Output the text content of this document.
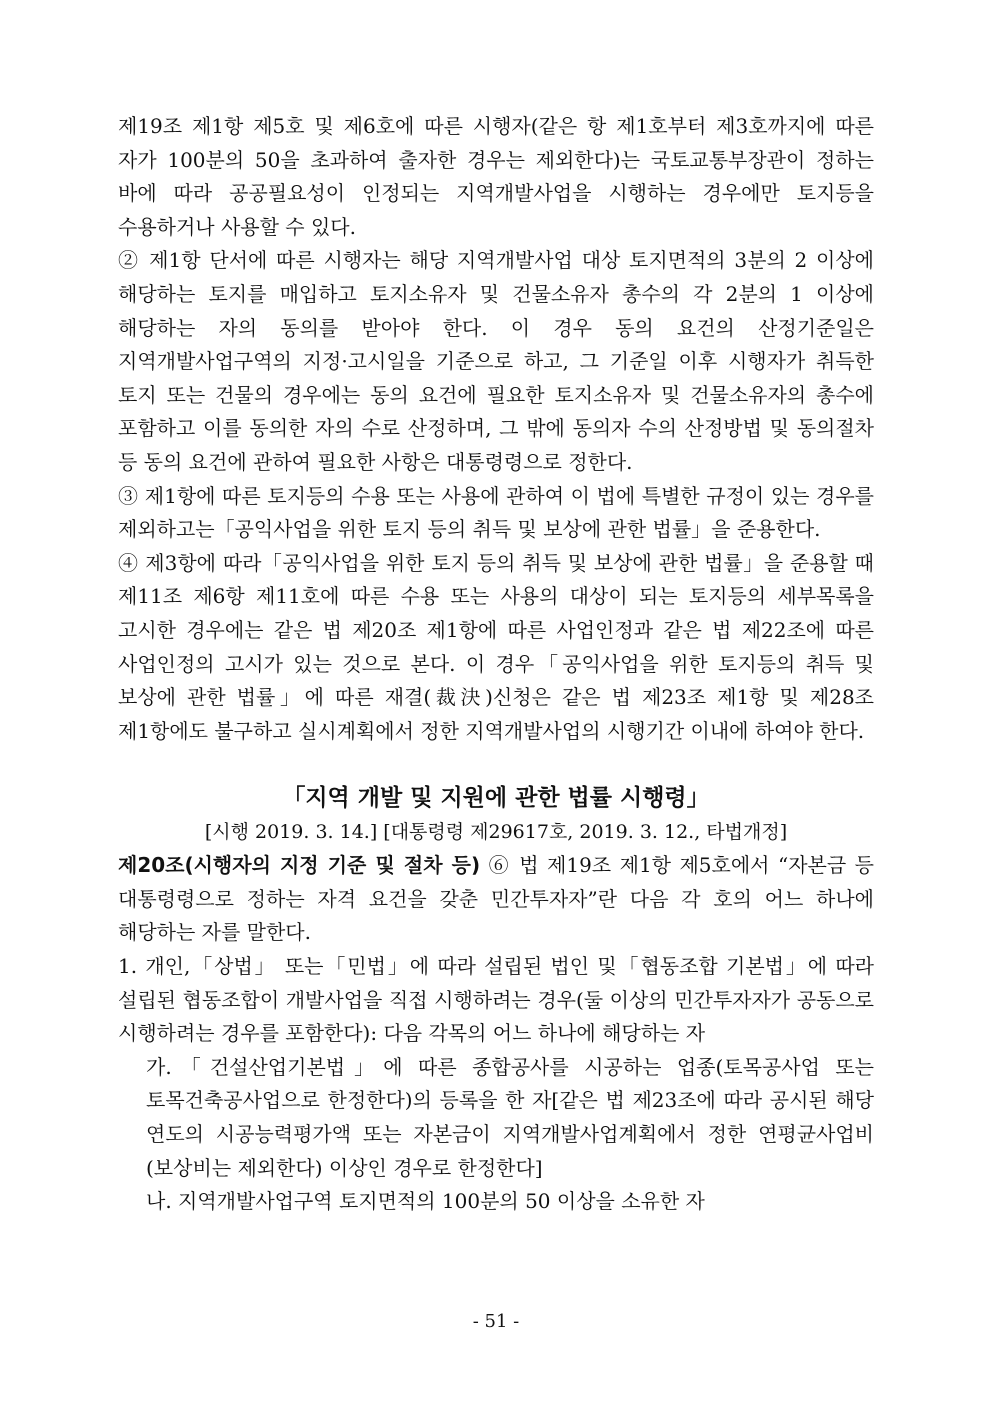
제19조 제1항 제5호 및 제6호에 따른 시행자(같은 항 제1호부터 제3호까지에 따른 자가 100분의 50을 초과하여 출자한 경우는 제외한다)는 국토교통부장관이 정하는 바에 따라 공공필요성이 인정되는 지역개발사업을 시행하는 경우에만 토지등을 수용하거나 사용할 수 있다.

② 제1항 단서에 따른 시행자는 해당 지역개발사업 대상 토지면적의 3분의 2 이상에 해당하는 토지를 매입하고 토지소유자 및 건물소유자 총수의 각 2분의 1 이상에 해당하는 자의 동의를 받아야 한다. 이 경우 동의 요건의 산정기준일은 지역개발사업구역의 지정·고시일을 기준으로 하고, 그 기준일 이후 시행자가 취득한 토지 또는 건물의 경우에는 동의 요건에 필요한 토지소유자 및 건물소유자의 총수에 포함하고 이를 동의한 자의 수로 산정하며, 그 밖에 동의자 수의 산정방법 및 동의절차 등 동의 요건에 관하여 필요한 사항은 대통령령으로 정한다.

③ 제1항에 따른 토지등의 수용 또는 사용에 관하여 이 법에 특별한 규정이 있는 경우를 제외하고는「공익사업을 위한 토지 등의 취득 및 보상에 관한 법률」을 준용한다.

④ 제3항에 따라「공익사업을 위한 토지 등의 취득 및 보상에 관한 법률」을 준용할 때 제11조 제6항 제11호에 따른 수용 또는 사용의 대상이 되는 토지등의 세부목록을 고시한 경우에는 같은 법 제20조 제1항에 따른 사업인정과 같은 법 제22조에 따른 사업인정의 고시가 있는 것으로 본다. 이 경우「공익사업을 위한 토지등의 취득 및 보상에 관한 법률」에 따른 재결(裁決)신청은 같은 법 제23조 제1항 및 제28조 제1항에도 불구하고 실시계획에서 정한 지역개발사업의 시행기간 이내에 하여야 한다.

「지역 개발 및 지원에 관한 법률 시행령」

[시행 2019. 3. 14.] [대통령령 제29617호, 2019. 3. 12., 타법개정]

제20조(시행자의 지정 기준 및 절차 등) ⑥ 법 제19조 제1항 제5호에서 “자본금 등 대통령령으로 정하는 자격 요건을 갖춘 민간투자자”란 다음 각 호의 어느 하나에 해당하는 자를 말한다.

1. 개인,「상법」 또는「민법」에 따라 설립된 법인 및「협동조합 기본법」에 따라 설립된 협동조합이 개발사업을 직접 시행하려는 경우(둘 이상의 민간투자자가 공동으로 시행하려는 경우를 포함한다): 다음 각목의 어느 하나에 해당하는 자

가.「건설산업기본법」에 따른 종합공사를 시공하는 업종(토목공사업 또는 토목건축공사업으로 한정한다)의 등록을 한 자[같은 법 제23조에 따라 공시된 해당 연도의 시공능력평가액 또는 자본금이 지역개발사업계획에서 정한 연평균사업비(보상비는 제외한다) 이상인 경우로 한정한다]

나. 지역개발사업구역 토지면적의 100분의 50 이상을 소유한 자

- 51 -
